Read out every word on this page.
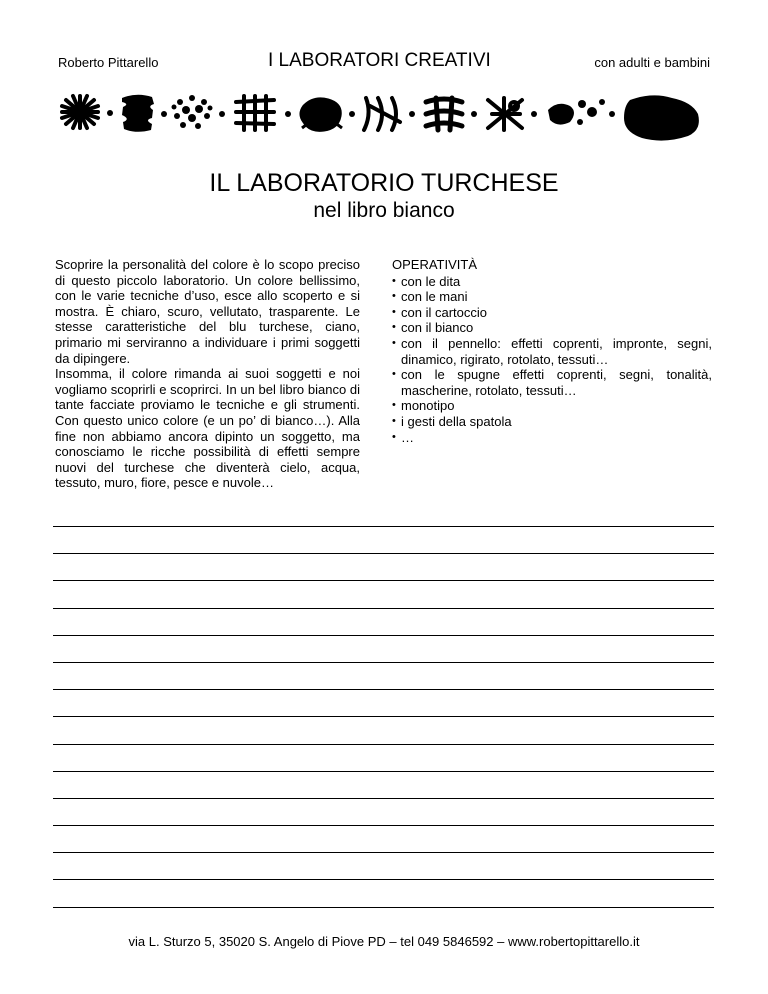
Roberto Pittarello	I LABORATORI CREATIVI	con adulti e bambini
IL LABORATORIO TURCHESE
nel libro bianco

Scoprire la personalità del colore è lo scopo preciso di questo piccolo laboratorio. Un colore bellissimo, con le varie tecniche d’uso, esce allo scoperto e si mostra. È chiaro, scuro, vellutato, trasparente. Le stesse caratteristiche del blu turchese, ciano, primario mi serviranno a individuare i primi soggetti da dipingere.

Insomma, il colore rimanda ai suoi soggetti e noi vogliamo scoprirli e scoprirci. In un bel libro bianco di tante facciate proviamo le tecniche e gli strumenti. Con questo unico colore (e un po’ di bianco…). Alla fine non abbiamo ancora dipinto un soggetto, ma conosciamo le ricche possibilità di effetti sempre nuovi del turchese che diventerà cielo, acqua, tessuto, muro, fiore, pesce e nuvole…

OPERATIVITÀ
• con le dita
• con le mani
• con il cartoccio
• con il bianco
• con il pennello: effetti coprenti, impronte, segni, dinamico, rigirato, rotolato, tessuti…
• con le spugne effetti coprenti, segni, tonalità, mascherine, rotolato, tessuti…
• monotipo
• i gesti della spatola
• …
via L. Sturzo 5, 35020 S. Angelo di Piove PD – tel 049 5846592 – www.robertopittarello.it
